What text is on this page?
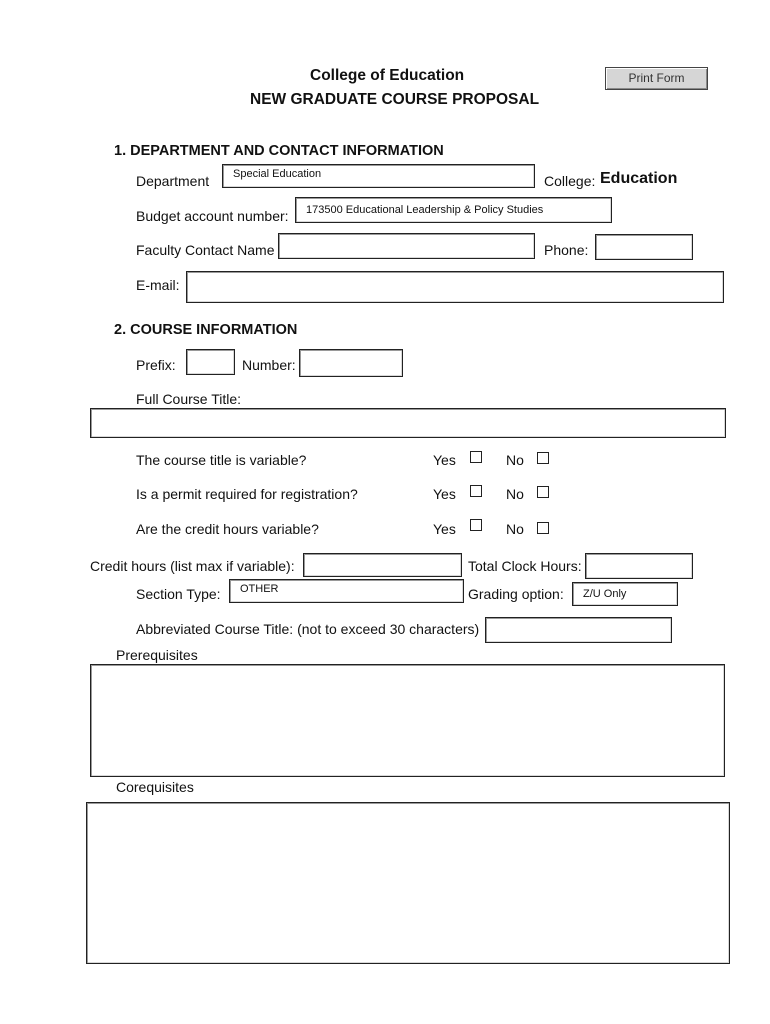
College of Education
NEW GRADUATE COURSE PROPOSAL
Print Form
1. DEPARTMENT AND CONTACT INFORMATION
Department Special Education	College: Education
Budget account number: 173500 Educational Leadership & Policy Studies
Faculty Contact Name	Phone:
E-mail:
2. COURSE INFORMATION
Prefix:	Number:
Full Course Title:
The course title is variable?	Yes	No
Is a permit required for registration?	Yes	No
Are the credit hours variable?	Yes	No
Credit hours (list max if variable):	Total Clock Hours:
Section Type: OTHER	Grading option: Z/U Only
Abbreviated Course Title: (not to exceed 30 characters)
Prerequisites
Corequisites
